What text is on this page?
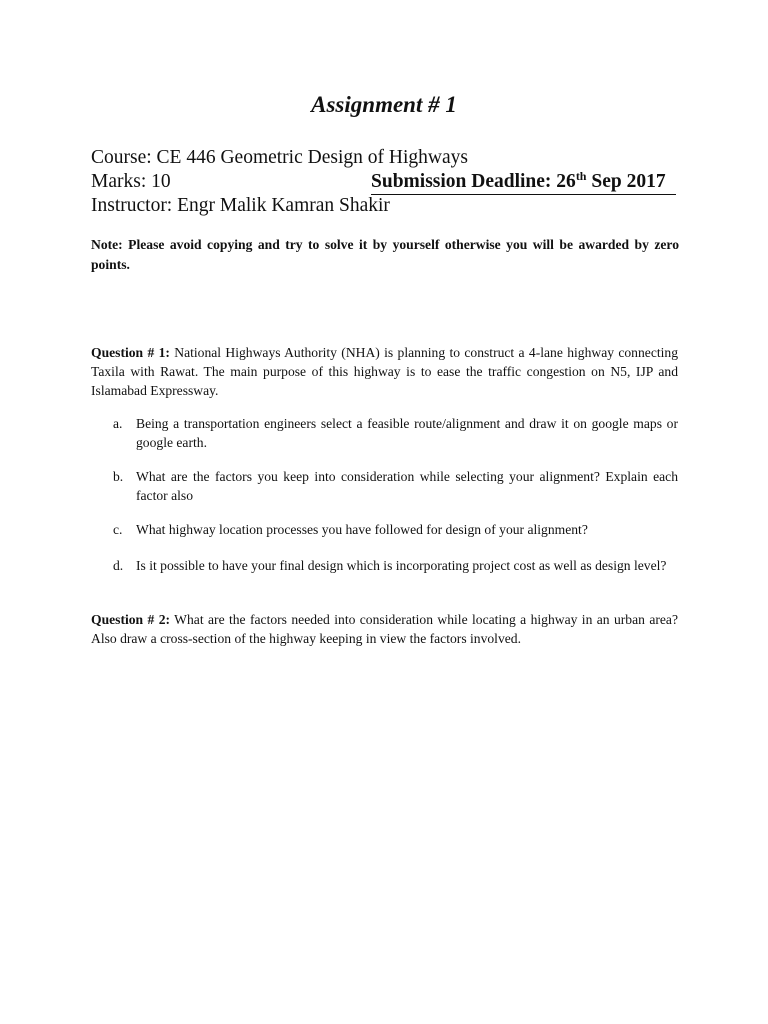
Assignment # 1
Course: CE 446 Geometric Design of Highways
Marks: 10	Submission Deadline: 26th Sep 2017
Instructor: Engr Malik Kamran Shakir
Note: Please avoid copying and try to solve it by yourself otherwise you will be awarded by zero points.
Question # 1: National Highways Authority (NHA) is planning to construct a 4-lane highway connecting Taxila with Rawat. The main purpose of this highway is to ease the traffic congestion on N5, IJP and Islamabad Expressway.
a. Being a transportation engineers select a feasible route/alignment and draw it on google maps or google earth.
b. What are the factors you keep into consideration while selecting your alignment? Explain each factor also
c. What highway location processes you have followed for design of your alignment?
d. Is it possible to have your final design which is incorporating project cost as well as design level?
Question # 2: What are the factors needed into consideration while locating a highway in an urban area? Also draw a cross-section of the highway keeping in view the factors involved.
